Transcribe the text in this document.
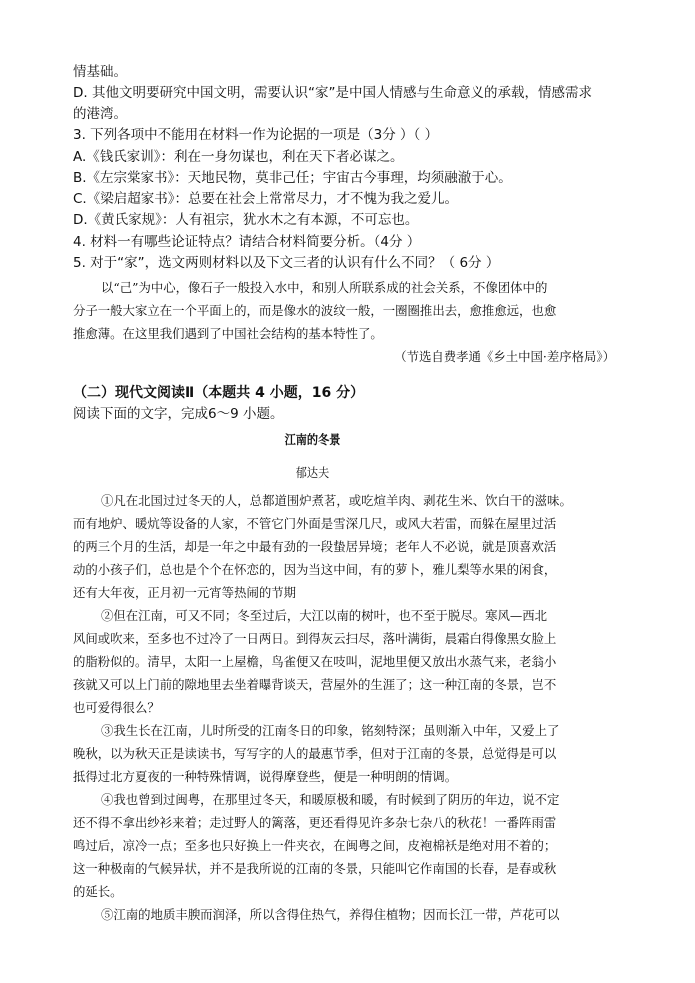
情基础。
D. 其他文明要研究中国文明，需要认识“家”是中国人情感与生命意义的承载，情感需求
的港湾。
3. 下列各项中不能用在材料一作为论据的一项是（3分 ）（ ）
A.《钱氏家训》：利在一身勿谋也，利在天下者必谋之。
B.《左宗棠家书》：天地民物，莫非己任；宇宙古今事理，均须融澈于心。
C.《梁启超家书》：总要在社会上常常尽力，才不愧为我之爱儿。
D.《黄氏家规》：人有祖宗，犹水木之有本源，不可忘也。
4. 材料一有哪些论证特点？请结合材料简要分析。（4分 ）
5. 对于“家”，选文两则材料以及下文三者的认识有什么不同？（ 6分 ）
以“己”为中心，像石子一般投入水中，和别人所联系成的社会关系，不像团体中的
分子一般大家立在一个平面上的，而是像水的波纹一般，一圈圈推出去，愈推愈远，也愈
推愈薄。在这里我们遇到了中国社会结构的基本特性了。
（节选自费孝通《乡土中国·差序格局》）
（二）现代文阅读Ⅱ（本题共 4 小题，16 分）
阅读下面的文字，完成6～9 小题。
江南的冬景
郁达夫
①凡在北国过过冬天的人，总都道围炉煮茗，或吃煊羊肉、剥花生米、饮白干的滋味。
而有地炉、暖炕等设备的人家，不管它门外面是雪深几尺，或风大若雷，而躲在屋里过活
的两三个月的生活，却是一年之中最有劲的一段蛰居异境；老年人不必说，就是顶喜欢活
动的小孩子们，总也是个个在怀恋的，因为当这中间，有的萝卜，雅儿梨等水果的闲食，
还有大年夜，正月初一元宵等热闹的节期
②但在江南，可又不同；冬至过后，大江以南的树叶，也不至于脱尽。寒风—西北
风间或吹来，至多也不过冷了一日两日。到得灰云扫尽，落叶满街，晨霜白得像黑女脸上
的脂粉似的。清早，太阳一上屋檐，鸟雀便又在吱叫，泥地里便又放出水蒸气来，老翁小
孩就又可以上门前的隙地里去坐着曝背谈天，营屋外的生涯了；这一种江南的冬景，岂不
也可爱得很么？
③我生长在江南，儿时所受的江南冬日的印象，铭刻特深；虽则渐入中年，又爱上了
晚秋，以为秋天正是读读书，写写字的人的最惠节季，但对于江南的冬景，总觉得是可以
抵得过北方夏夜的一种特殊情调，说得摩登些，便是一种明朗的情调。
④我也曾到过闽粤，在那里过冬天，和暖原极和暖，有时候到了阴历的年边，说不定
还不得不拿出纱衫来着；走过野人的篱落，更还看得见许多杂七杂八的秋花！一番阵雨雷
鸣过后，凉冷一点；至多也只好换上一件夹衣，在闽粤之间，皮袍棉袄是绝对用不着的；
这一种极南的气候异状，并不是我所说的江南的冬景，只能叫它作南国的长春，是春或秋
的延长。
⑤江南的地质丰腴而润泽，所以含得住热气，养得住植物；因而长江一带，芦花可以
